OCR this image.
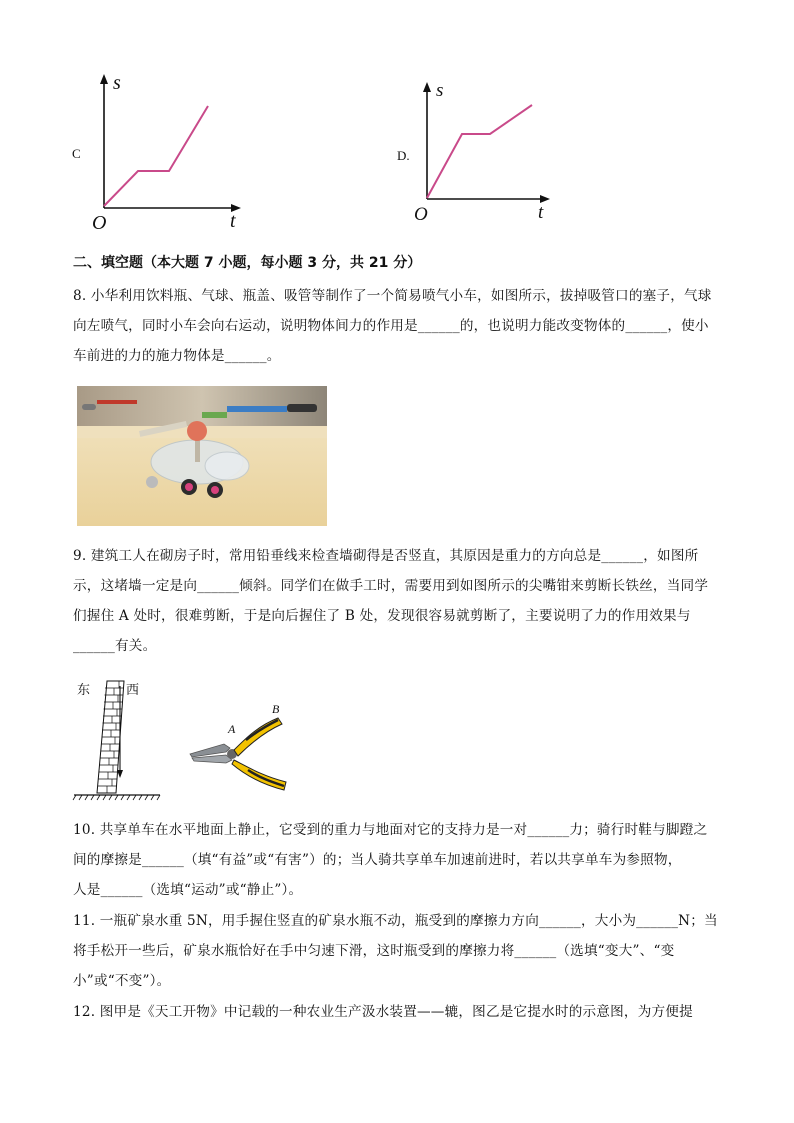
C
s
t
O
D.
s
t
O
二、填空题（本大题 7 小题，每小题 3 分，共 21 分）
8. 小华利用饮料瓶、气球、瓶盖、吸管等制作了一个简易喷气小车，如图所示，拔掉吸管口的塞子，气球
向左喷气，同时小车会向右运动，说明物体间力的作用是______的，也说明力能改变物体的______，使小
车前进的力的施力物体是______。
9. 建筑工人在砌房子时，常用铅垂线来检查墙砌得是否竖直，其原因是重力的方向总是______，如图所
示，这堵墙一定是向______倾斜。同学们在做手工时，需要用到如图所示的尖嘴钳来剪断长铁丝，当同学
们握住 A 处时，很难剪断，于是向后握住了 B 处，发现很容易就剪断了，主要说明了力的作用效果与
______有关。
东	西
A
B
10. 共享单车在水平地面上静止，它受到的重力与地面对它的支持力是一对______力；骑行时鞋与脚蹬之
间的摩擦是______（填“有益”或“有害”）的；当人骑共享单车加速前进时，若以共享单车为参照物，
人是______（选填“运动”或“静止”）。
11. 一瓶矿泉水重 5N，用手握住竖直的矿泉水瓶不动，瓶受到的摩擦力方向______，大小为______N；当
将手松开一些后，矿泉水瓶恰好在手中匀速下滑，这时瓶受到的摩擦力将______（选填“变大”、“变
小”或“不变”）。
12. 图甲是《天工开物》中记载的一种农业生产汲水装置——辘，图乙是它提水时的示意图，为方便提
